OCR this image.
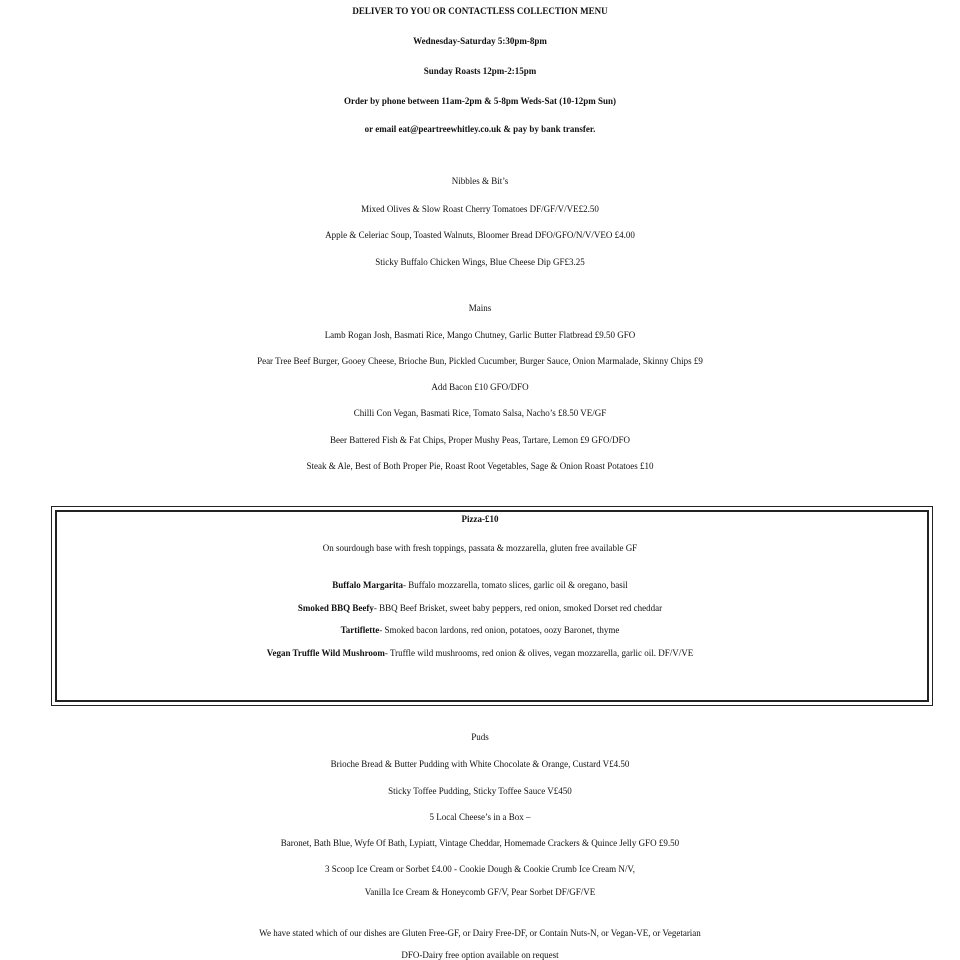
DELIVER TO YOU OR CONTACTLESS COLLECTION MENU
Wednesday-Saturday 5:30pm-8pm
Sunday Roasts 12pm-2:15pm
Order by phone between 11am-2pm & 5-8pm Weds-Sat (10-12pm Sun)
or email eat@peartreewhitley.co.uk & pay by bank transfer.
Nibbles & Bit’s
Mixed Olives & Slow Roast Cherry Tomatoes DF/GF/V/VE£2.50
Apple & Celeriac Soup, Toasted Walnuts, Bloomer Bread DFO/GFO/N/V/VEO £4.00
Sticky Buffalo Chicken Wings, Blue Cheese Dip GF£3.25
Mains
Lamb Rogan Josh, Basmati Rice, Mango Chutney, Garlic Butter Flatbread £9.50 GFO
Pear Tree Beef Burger, Gooey Cheese, Brioche Bun, Pickled Cucumber, Burger Sauce, Onion Marmalade, Skinny Chips £9
Add Bacon £10 GFO/DFO
Chilli Con Vegan, Basmati Rice, Tomato Salsa, Nacho’s £8.50 VE/GF
Beer Battered Fish & Fat Chips, Proper Mushy Peas, Tartare, Lemon £9 GFO/DFO
Steak & Ale, Best of Both Proper Pie, Roast Root Vegetables, Sage & Onion Roast Potatoes £10
Pizza-£10
On sourdough base with fresh toppings, passata & mozzarella, gluten free available GF
Buffalo Margarita- Buffalo mozzarella, tomato slices, garlic oil & oregano, basil
Smoked BBQ Beefy- BBQ Beef Brisket, sweet baby peppers, red onion, smoked Dorset red cheddar
Tartiflette- Smoked bacon lardons, red onion, potatoes, oozy Baronet, thyme
Vegan Truffle Wild Mushroom- Truffle wild mushrooms, red onion & olives, vegan mozzarella, garlic oil. DF/V/VE
Puds
Brioche Bread & Butter Pudding with White Chocolate & Orange, Custard V£4.50
Sticky Toffee Pudding, Sticky Toffee Sauce V£450
5 Local Cheese’s in a Box –
Baronet, Bath Blue, Wyfe Of Bath, Lypiatt, Vintage Cheddar, Homemade Crackers & Quince Jelly GFO £9.50
3 Scoop Ice Cream or Sorbet £4.00 - Cookie Dough & Cookie Crumb Ice Cream N/V,
Vanilla Ice Cream & Honeycomb GF/V, Pear Sorbet DF/GF/VE
We have stated which of our dishes are Gluten Free-GF, or Dairy Free-DF, or Contain Nuts-N, or Vegan-VE, or Vegetarian
DFO-Dairy free option available on request
